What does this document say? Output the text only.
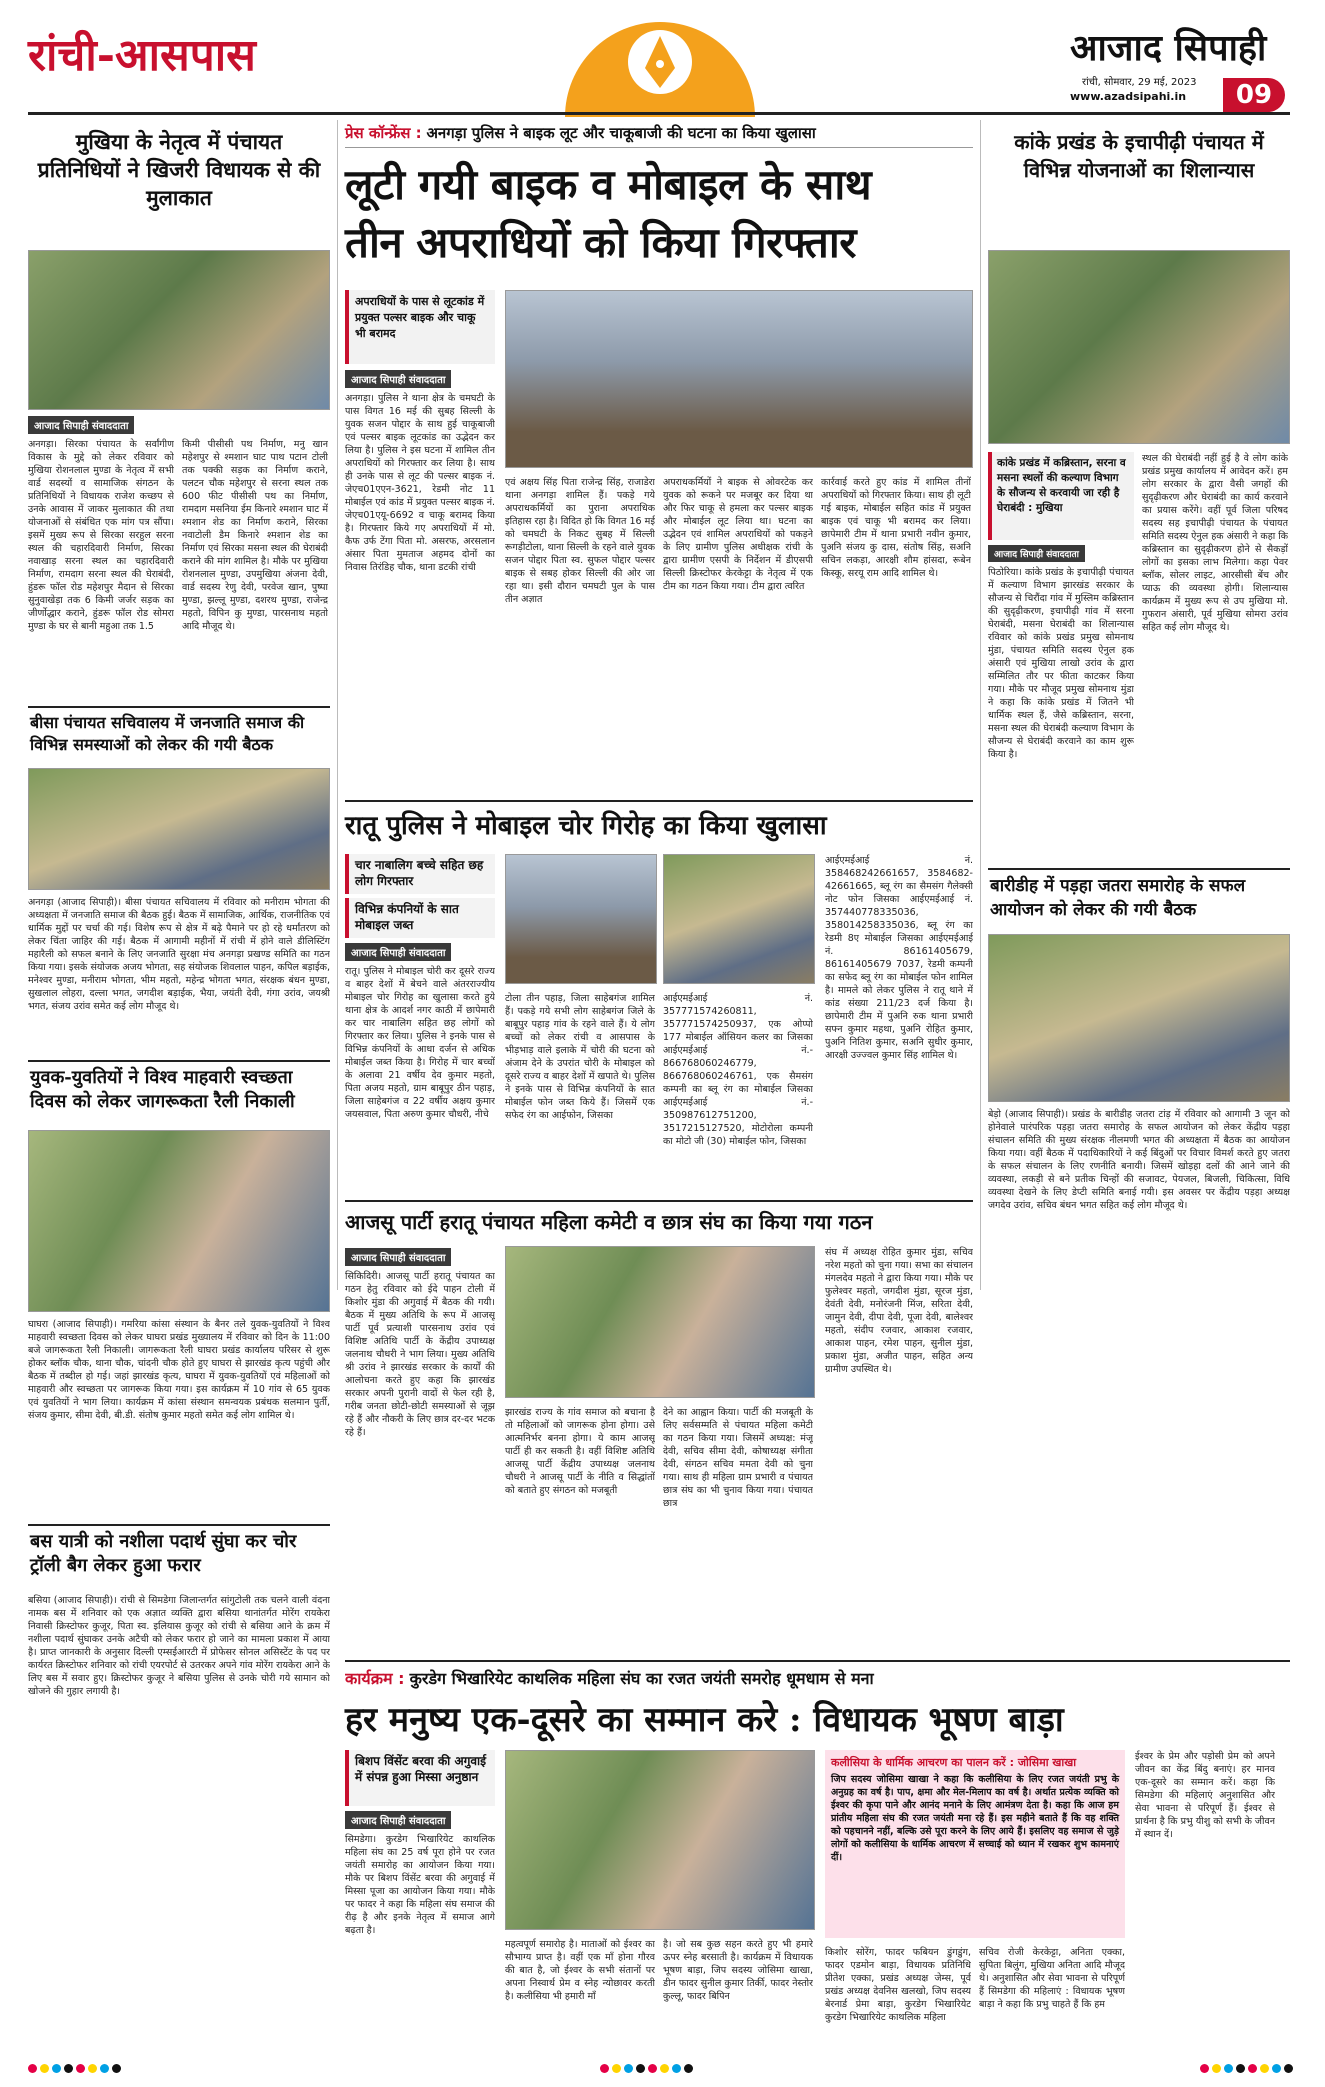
रांची-आसपास	आजाद सिपाही
रांची, सोमवार, 29 मई, 2023
www.azadsipahi.in	09
मुखिया के नेतृत्व में पंचायत प्रतिनिधियों ने खिजरी विधायक से की मुलाकात
आजाद सिपाही संवाददाता
अनगड़ा। सिरका पंचायत के सर्वांगीण विकास के मुद्दे को लेकर रविवार को मुखिया रोशनलाल मुण्डा के नेतृत्व में सभी वार्ड सदस्यों व सामाजिक संगठन के प्रतिनिधियों ने विधायक राजेश कच्छप से उनके आवास में जाकर मुलाकात की तथा योजनाओं से संबंधित एक मांग पत्र सौंपा। इसमें मुख्य रूप से सिरका सरहुल सरना स्थल की चहारदिवारी निर्माण, सिरका नवाखाड़ सरना स्थल का चहारदिवारी निर्माण, रामदाग सरना स्थल की घेराबंदी, हुंडरू फॉल रोड महेशपुर मैदान से सिरका सुनुवाखेड़ा तक 6 किमी जर्जर सड़क का जीर्णोद्धार कराने, हुंडरू फॉल रोड सोमरा मुण्डा के घर से बानी महुआ तक 1.5
किमी पीसीसी पथ निर्माण, मनु खान महेशपुर से श्मशान घाट पाथ पटान टोली तक पक्की सड़क का निर्माण कराने, पलटन चौक महेशपुर से सरना स्थल तक 600 फीट पीसीसी पथ का निर्माण, रामदाग मसनिया ईम किनारे श्मशान घाट में श्मशान शेड का निर्माण कराने, सिरका नवाटोली डैम किनारे श्मशान शेड का निर्माण एवं सिरका मसना स्थल की घेराबंदी कराने की मांग शामिल है। मौके पर मुखिया रोशनलाल मुण्डा, उपमुखिया अंजना देवी, वार्ड सदस्य रेणु देवी, परवेज खान, पुष्पा मुण्डा, झल्लू मुण्डा, दशरथ मुण्डा, राजेन्द्र महतो, विपिन कु मुण्डा, पारसनाथ महतो आदि मौजूद थे।
बीसा पंचायत सचिवालय में जनजाति समाज की विभिन्न समस्याओं को लेकर की गयी बैठक
अनगड़ा (आजाद सिपाही)। बीसा पंचायत सचिवालय में रविवार को मनीराम भोगता की अध्यक्षता में जनजाति समाज की बैठक हुई। बैठक में सामाजिक, आर्थिक, राजनीतिक एवं धार्मिक मुद्दों पर चर्चा की गई। विशेष रूप से क्षेत्र में बढ़े पैमाने पर हो रहे धर्मांतरण को लेकर चिंता जाहिर की गई। बैठक में आगामी महीनों में रांची में होने वाले डीलिस्टिंग महारैली को सफल बनाने के लिए जनजाति सुरक्षा मंच अनगड़ा प्रखण्ड समिति का गठन किया गया। इसके संयोजक अजय भोगता, सह संयोजक शिवलाल पाहन, कपिल बड़ाईक, मनेश्वर मुण्डा, मनीराम भोगता, भीम महतो, महेन्द्र भोगता भगत, संरक्षक बंधन मुण्डा, सुखलाल लोहरा, दल्ला भगत, जगदीश बड़ाईक, भैया, जयंती देवी, गंगा उरांव, जयश्री भगत, संजय उरांव समेत कई लोग मौजूद थे।
युवक-युवतियों ने विश्व माहवारी स्वच्छता दिवस को लेकर जागरूकता रैली निकाली
घाघरा (आजाद सिपाही)। गमरिया कांसा संस्थान के बैनर तले युवक-युवतियों ने विश्व माहवारी स्वच्छता दिवस को लेकर घाघरा प्रखंड मुख्यालय में रविवार को दिन के 11:00 बजे जागरूकता रैली निकाली। जागरूकता रैली घाघरा प्रखंड कार्यालय परिसर से शुरू होकर ब्लॉक चौक, थाना चौक, चांदनी चौक होते हुए घाघरा से झारखंड कृत्य पहुंची और बैठक में तब्दील हो गई। जहां झारखंड कृत्य, घाघरा में युवक-युवतियों एवं महिलाओं को माहवारी और स्वच्छता पर जागरूक किया गया। इस कार्यक्रम में 10 गांव से 65 युवक एवं युवतियों ने भाग लिया। कार्यक्रम में कांसा संस्थान समन्वयक प्रबंधक सलमान पुर्ती, संजय कुमार, सीमा देवी, बी.डी. संतोष कुमार महतो समेत कई लोग शामिल थे।
बस यात्री को नशीला पदार्थ सुंघा कर चोर ट्रॉली बैग लेकर हुआ फरार
बसिया (आजाद सिपाही)। रांची से सिमडेगा जिलान्तर्गत सांगुटोली तक चलने वाली वंदना नामक बस में शनिवार को एक अज्ञात व्यक्ति द्वारा बसिया थानांतर्गत मोरेंग रायकेरा निवासी क्रिस्टोफर कुजूर, पिता स्व. इलियास कुजूर को रांची से बसिया आने के क्रम में नशीला पदार्थ सुंघाकर उनके अटैची को लेकर फरार हो जाने का मामला प्रकाश में आया है। प्राप्त जानकारी के अनुसार दिल्ली एम्सईआरटी में प्रोफेसर सोनल असिस्टेंट के पद पर कार्यरत क्रिस्टोफर शनिवार को रांची एयरपोर्ट से उतरकर अपने गांव मोरेंग रायकेरा आने के लिए बस में सवार हुए। क्रिस्टोफर कुजूर ने बसिया पुलिस से उनके चोरी गये सामान को खोजने की गुहार लगायी है।
प्रेस कॉन्फ्रेंस : अनगड़ा पुलिस ने बाइक लूट और चाकूबाजी की घटना का किया खुलासा
लूटी गयी बाइक व मोबाइल के साथ
तीन अपराधियों को किया गिरफ्तार
अपराधियों के पास से लूटकांड में प्रयुक्त पल्सर बाइक और चाकू भी बरामद
आजाद सिपाही संवाददाता
अनगड़ा। पुलिस ने थाना क्षेत्र के चमघटी के पास विगत 16 मई की सुबह सिल्ली के युवक सजन पोद्दार के साथ हुई चाकूबाजी एवं पल्सर बाइक लूटकांड का उद्भेदन कर लिया है। पुलिस ने इस घटना में शामिल तीन अपराधियों को गिरफ्तार कर लिया है। साथ ही उनके पास से लूट की पल्सर बाइक नं. जेएच01एएन-3621, रेडमी नोट 11 मोबाईल एवं कांड में प्रयुक्त पल्सर बाइक नं. जेएच01एयू-6692 व चाकू बरामद किया है। गिरफ्तार किये गए अपराधियों में मो. कैफ उर्फ टेंगा पिता मो. असरफ, अरसलान अंसार पिता मुमताज अहमद दोनों का निवास तिरंडिह चौक, थाना डटकी रांची
एवं अक्षय सिंह पिता राजेन्द्र सिंह, राजाडेरा थाना अनगड़ा शामिल हैं। पकड़े गये अपराधकर्मियों का पुराना अपराधिक इतिहास रहा है। विदित हो कि विगत 16 मई को चमघटी के निकट सुबह में सिल्ली रूगड़ीटोला, थाना सिल्ली के रहने वाले युवक सजन पोद्दार पिता स्व. सुफल पोद्दार पल्सर बाइक से सबह होकर सिल्ली की ओर जा रहा था। इसी दौरान चमघटी पुल के पास तीन अज्ञात
अपराधकर्मियों ने बाइक से ओवरटेक कर युवक को रूकने पर मजबूर कर दिया था और फिर चाकू से हमला कर पल्सर बाइक और मोबाईल लूट लिया था। घटना का उद्भेदन एवं शामिल अपराधियों को पकड़ने के लिए ग्रामीण पुलिस अधीक्षक रांची के द्वारा ग्रामीण एसपी के निर्देशन में डीएसपी सिल्ली क्रिस्टोफर केरकेट्टा के नेतृत्व में एक टीम का गठन किया गया। टीम द्वारा त्वरित
कार्रवाई करते हुए कांड में शामिल तीनों अपराधियों को गिरफ्तार किया। साथ ही लूटी गई बाइक, मोबाईल सहित कांड में प्रयुक्त बाइक एवं चाकू भी बरामद कर लिया। छापेमारी टीम में थाना प्रभारी नवीन कुमार, पुअनि संजय कु दास, संतोष सिंह, सअनि सचिन लकड़ा, आरक्षी शौम हांसदा, रूबेन किस्कू, सरयू राम आदि शामिल थे।
रातू पुलिस ने मोबाइल चोर गिरोह का किया खुलासा
चार नाबालिग बच्चे सहित छह लोग गिरफ्तार
विभिन्न कंपनियों के सात मोबाइल जब्त
आजाद सिपाही संवाददाता
रातू। पुलिस ने मोबाइल चोरी कर दूसरे राज्य व बाहर देशों में बेचने वाले अंतरराज्यीय मोबाइल चोर गिरोह का खुलासा करते हुये थाना क्षेत्र के आदर्श नगर काठी में छापेमारी कर चार नाबालिग सहित छह लोगों को गिरफ्तार कर लिया। पुलिस ने इनके पास से विभिन्न कंपनियों के आधा दर्जन से अधिक मोबाईल जब्त किया है। गिरोह में चार बच्चों के अलावा 21 वर्षीय देव कुमार महतो, पिता अजय महतो, ग्राम बाबूपुर ठीन पहाड़, जिला साहेबगंज व 22 वर्षीय अक्षय कुमार जयसवाल, पिता अरुण कुमार चौधरी, नीचे
टोला तीन पहाड़, जिला साहेबगंज शामिल हैं। पकड़े गये सभी लोग साहेबगंज जिले के बाबूपुर पहाड़ गांव के रहने वाले हैं। ये लोग बच्चों को लेकर रांची व आसपास के भीड़भाड़ वाले इलाके में चोरी की घटना को अंजाम देने के उपरांत चोरी के मोबाइल को दूसरे राज्य व बाहर देशों में खपाते थे। पुलिस ने इनके पास से विभिन्न कंपनियों के सात मोबाईल फोन जब्त किये हैं। जिसमें एक सफेद रंग का आईफोन, जिसका
आईएमईआई नं. 357771574260811, 357771574250937, एक ओप्पो 177 मोबाईल ऑसियन कलर का जिसका आईएमईआई नं.- 866768060246779, 866768060246761, एक सैमसंग कम्पनी का ब्लू रंग का मोबाईल जिसका आईएमईआई नं.- 350987612751200, 3517215127520, मोटोरोला कम्पनी का मोटो जी (30) मोबाईल फोन, जिसका
आईएमईआई नं. 358468242661657, 3584682-42661665, ब्लू रंग का सैमसंग गैलेक्सी नोट फोन जिसका आईएमईआई नं. 357440778335036, 358014258335036, ब्लू रंग का रेडमी 8ए मोबाईल जिसका आईएमईआई नं. 86161405679, 86161405679 7037, रेडमी कम्पनी का सफेद ब्लू रंग का मोबाईल फोन शामिल है। मामले को लेकर पुलिस ने रातू थाने में कांड संख्या 211/23 दर्ज किया है। छापेमारी टीम में पुअनि रुक थाना प्रभारी सफ्न कुमार महथा, पुअनि रोहित कुमार, पुअनि नितिश कुमार, सअनि सुधीर कुमार, आरक्षी उज्ज्वल कुमार सिंह शामिल थे।
आजसू पार्टी हरातू पंचायत महिला कमेटी व छात्र संघ का किया गया गठन
आजाद सिपाही संवाददाता
सिकिदिरी। आजसू पार्टी हरातू पंचायत का गठन हेतु रविवार को ईदे पाहन टोली में किशोर मुंडा की अगुवाई में बैठक की गयी। बैठक में मुख्य अतिथि के रूप में आजसू पार्टी पूर्व प्रत्याशी पारसनाथ उरांव एवं विशिष्ट अतिथि पार्टी के केंद्रीय उपाध्यक्ष जलनाथ चौधरी ने भाग लिया। मुख्य अतिथि श्री उरांव ने झारखंड सरकार के कार्यों की आलोचना करते हुए कहा कि झारखंड सरकार अपनी पुरानी वादों से फेल रही है, गरीब जनता छोटी-छोटी समस्याओं से जूझ रहे हैं और नौकरी के लिए छात्र दर-दर भटक रहे हैं।
झारखंड राज्य के गांव समाज को बचाना है तो महिलाओं को जागरूक होना होगा। उसे आत्मनिर्भर बनना होगा। ये काम आजसू पार्टी ही कर सकती है। वहीं विशिष्ट अतिथि आजसू पार्टी केंद्रीय उपाध्यक्ष जलनाथ चौधरी ने आजसू पार्टी के नीति व सिद्धांतों को बताते हुए संगठन को मजबूती
देने का आह्वान किया। पार्टी की मजबूती के लिए सर्वसम्मति से पंचायत महिला कमेटी का गठन किया गया। जिसमें अध्यक्ष: मंजू देवी, सचिव सीमा देवी, कोषाध्यक्ष संगीता देवी, संगठन सचिव ममता देवी को चुना गया। साथ ही महिला ग्राम प्रभारी व पंचायत छात्र संघ का भी चुनाव किया गया। पंचायत छात्र
संघ में अध्यक्ष रोहित कुमार मुंडा, सचिव नरेश महतो को चुना गया। सभा का संचालन मंगलदेव महतो ने द्वारा किया गया। मौके पर फुलेश्वर महतो, जगदीश मुंडा, सूरज मुंडा, देवंती देवी, मनोरंजनी मिंज, सरिता देवी, जामुन देवी, दीपा देवी, पूजा देवी, बालेश्वर महतो, संदीप रजवार, आकाश रजवार, आकाश पाहन, रमेश पाहन, सुनील मुंडा, प्रकाश मुंडा, अजीत पाहन, सहित अन्य ग्रामीण उपस्थित थे।
कांके प्रखंड के इचापीढ़ी पंचायत में विभिन्न योजनाओं का शिलान्यास
कांके प्रखंड में कब्रिस्तान, सरना व मसना स्थलों की कल्याण विभाग के सौजन्य से करवायी जा रही है घेराबंदी : मुखिया
आजाद सिपाही संवाददाता
पिठोरिया। कांके प्रखंड के इचापीढ़ी पंचायत में कल्याण विभाग झारखंड सरकार के सौजन्य से चिरौंदा गांव में मुस्लिम कब्रिस्तान की सुदृढ़ीकरण, इचापीढ़ी गांव में सरना घेराबंदी, मसना घेराबंदी का शिलान्यास रविवार को कांके प्रखंड प्रमुख सोमनाथ मुंडा, पंचायत समिति सदस्य ऐनुल हक अंसारी एवं मुखिया लाखो उरांव के द्वारा सम्मिलित तौर पर फीता काटकर किया गया। मौके पर मौजूद प्रमुख सोमनाथ मुंडा ने कहा कि कांके प्रखंड में जितने भी धार्मिक स्थल हैं, जैसे कब्रिस्तान, सरना, मसना स्थल की घेराबंदी कल्याण विभाग के सौजन्य से घेराबंदी करवाने का काम शुरू किया है।
स्थल की घेराबंदी नहीं हुई है वे लोग कांके प्रखंड प्रमुख कार्यालय में आवेदन करें। हम लोग सरकार के द्वारा वैसी जगहों की सुदृढ़ीकरण और घेराबंदी का कार्य करवाने का प्रयास करेंगे। वहीं पूर्व जिला परिषद सदस्य सह इचापीढ़ी पंचायत के पंचायत समिति सदस्य ऐनुल हक अंसारी ने कहा कि कब्रिस्तान का सुदृढ़ीकरण होने से सैकड़ों लोगों का इसका लाभ मिलेगा। कहा पेवर ब्लॉक, सोलर लाइट, आरसीसी बेंच और प्याऊ की व्यवस्था होगी। शिलान्यास कार्यक्रम में मुख्य रूप से उप मुखिया मो. गुफरान अंसारी, पूर्व मुखिया सोमरा उरांव सहित कई लोग मौजूद थे।
बारीडीह में पड़हा जतरा समारोह के सफल आयोजन को लेकर की गयी बैठक
बेड़ो (आजाद सिपाही)। प्रखंड के बारीडीह जतरा टांड़ में रविवार को आगामी 3 जून को होनेवाले पारंपरिक पड़हा जतरा समारोह के सफल आयोजन को लेकर केंद्रीय पड़हा संचालन समिति की मुख्य संरक्षक नीलमणी भगत की अध्यक्षता में बैठक का आयोजन किया गया। वहीं बैठक में पदाधिकारियों ने कई बिंदुओं पर विचार विमर्श करते हुए जतरा के सफल संचालन के लिए रणनीति बनायी। जिसमें खोड़हा दलों की आने जाने की व्यवस्था, लकड़ी से बने प्रतीक चिन्हों की सजावट, पेयजल, बिजली, चिकित्सा, विधि व्यवस्था देखने के लिए डेप्टी समिति बनाई गयी। इस अवसर पर केंद्रीय पड़हा अध्यक्ष जगदेव उरांव, सचिव बंधन भगत सहित कई लोग मौजूद थे।
कार्यक्रम : कुरडेग भिखारियेट काथलिक महिला संघ का रजत जयंती समरोह धूमधाम से मना
हर मनुष्य एक-दूसरे का सम्मान करे : विधायक भूषण बाड़ा
बिशप विंसेंट बरवा की अगुवाई में संपन्न हुआ मिस्सा अनुष्ठान
आजाद सिपाही संवाददाता
सिमडेगा। कुरडेग भिखारियेट काथलिक महिला संघ का 25 वर्ष पूरा होने पर रजत जयंती समारोह का आयोजन किया गया। मौके पर बिशप विंसेंट बरवा की अगुवाई में मिस्सा पूजा का आयोजन किया गया। मौके पर फादर ने कहा कि महिला संघ समाज की रीढ़ है और इनके नेतृत्व में समाज आगे बढ़ता है।
महत्वपूर्ण समारोह है। माताओं को ईश्वर का सौभाग्य प्राप्त है। वहीं एक माँ होना गौरव की बात है, जो ईश्वर के सभी संतानों पर अपना निस्वार्थ प्रेम व स्नेह न्योछावर करती है। कलीसिया भी हमारी माँ
है। जो सब कुछ सहन करते हुए भी हमारे ऊपर स्नेह बरसाती है। कार्यक्रम में विधायक भूषण बाड़ा, जिप सदस्य जोसिमा खाखा, डीन फादर सुनील कुमार तिर्की, फादर नेस्तोर कुल्लू, फादर बिपिन
कलीसिया के धार्मिक आचरण का पालन करें : जोसिमा खाखा
जिप सदस्य जोसिमा खाखा ने कहा कि कलीसिया के लिए रजत जयंती प्रभु के अनुग्रह का वर्ष है। पाप, क्षमा और मेल-मिलाप का वर्ष है। अर्थात प्रत्येक व्यक्ति को ईश्वर की कृपा पाने और आनंद मनाने के लिए आमंत्रण देता है। कहा कि आज हम प्रांतीय महिला संघ की रजत जयंती मना रहे हैं। इस महीने बताते हैं कि वह शक्ति को पहचानने नहीं, बल्कि उसे पूरा करने के लिए आये हैं। इसलिए वह समाज से जुड़े लोगों को कलीसिया के धार्मिक आचरण में सच्चाई को ध्यान में रखकर शुभ कामनाएं दीं।
किशोर सोरेंग, फादर फबियन डुंगडुंग, फादर एडमोन बाड़ा, विधायक प्रतिनिधि प्रीतेश एक्का, प्रखंड अध्यक्ष जेम्स, पूर्व प्रखंड अध्यक्ष देवनिस खलखो, जिप सदस्य बेरनार्ड प्रेमा बाड़ा, कुरडेग भिखारियेट कुरडेग भिखारियेट काथलिक महिला
सचिव रोजी केरकेट्टा, अनिता एक्का, सुपिता बिलुंग, मुखिया अनिता आदि मौजूद थे। अनुशासित और सेवा भावना से परिपूर्ण हैं सिमडेगा की महिलाएं : विधायक भूषण बाड़ा ने कहा कि प्रभु चाहते हैं कि हम
ईश्वर के प्रेम और पड़ोसी प्रेम को अपने जीवन का केंद्र बिंदु बनाएं। हर मानव एक-दूसरे का सम्मान करें। कहा कि सिमडेगा की महिलाएं अनुशासित और सेवा भावना से परिपूर्ण हैं। ईश्वर से प्रार्थना है कि प्रभु यीशु को सभी के जीवन में स्थान दें।
